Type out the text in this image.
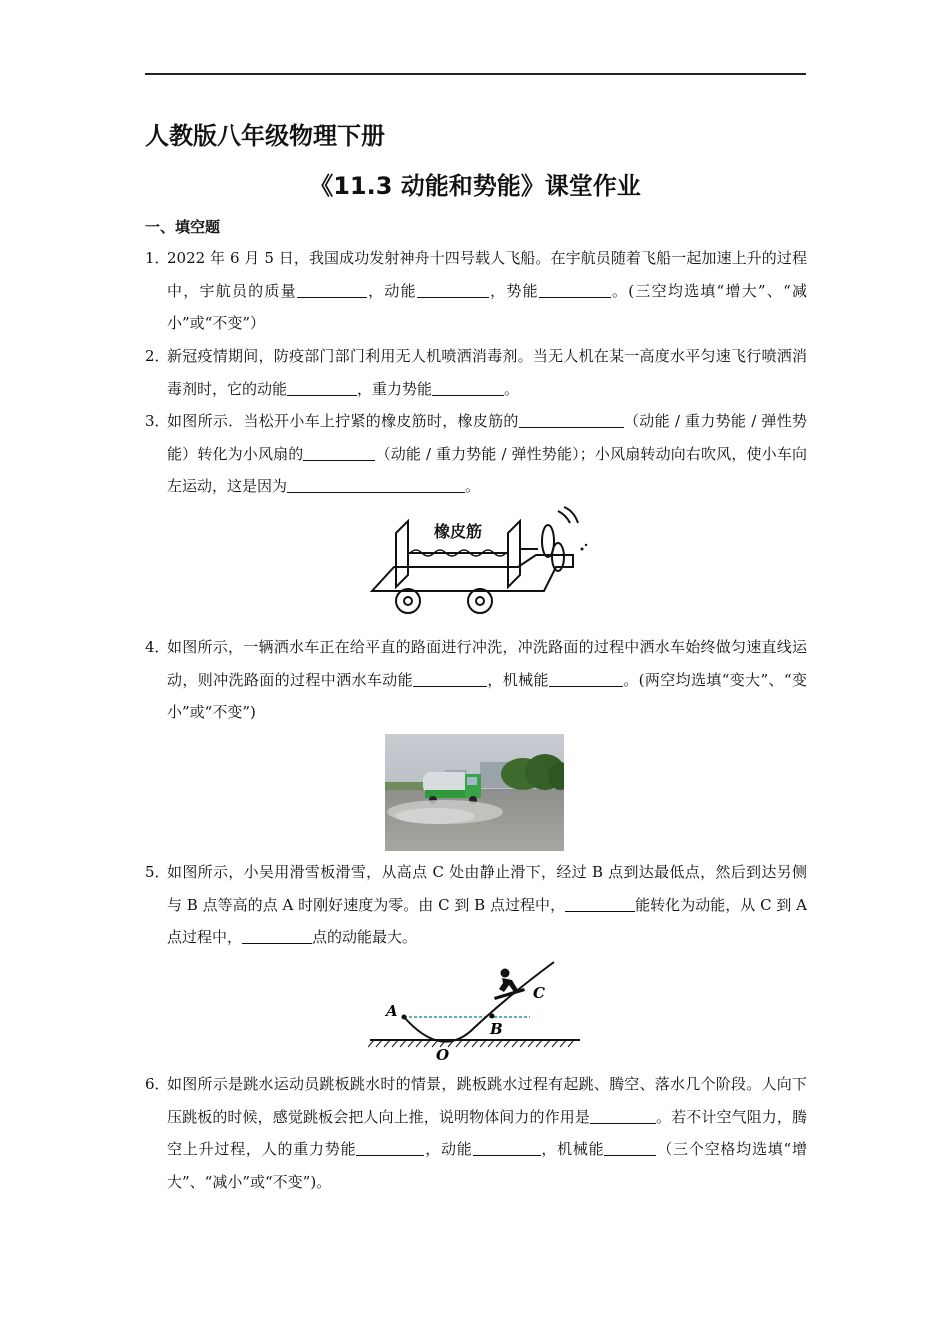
人教版八年级物理下册
《11.3 动能和势能》课堂作业
一、填空题
1．
2022 年 6 月 5 日，我国成功发射神舟十四号载人飞船。在宇航员随着飞船一起加速上升的过程中，宇航员的质量	，动能	，势能	。(三空均选填“增大”、“减小”或“不变”）
2．
新冠疫情期间，防疫部门部门利用无人机喷洒消毒剂。当无人机在某一高度水平匀速飞行喷洒消毒剂时，它的动能	，重力势能	。
3．
如图所示．当松开小车上拧紧的橡皮筋时，橡皮筋的	（动能 / 重力势能 / 弹性势能）转化为小风扇的	（动能 / 重力势能 / 弹性势能）；小风扇转动向右吹风，使小车向左运动，这是因为	。
橡皮筋
4．
如图所示，一辆洒水车正在给平直的路面进行冲洗，冲洗路面的过程中洒水车始终做匀速直线运动，则冲洗路面的过程中洒水车动能	，机械能	。(两空均选填“变大”、“变小”或“不变”)
5．
如图所示，小吴用滑雪板滑雪，从高点 C 处由静止滑下，经过 B 点到达最低点，然后到达另侧与 B 点等高的点 A 时刚好速度为零。由 C 到 B 点过程中，	能转化为动能，从 C 到 A 点过程中，	点的动能最大。
A
B
C
O
6．
如图所示是跳水运动员跳板跳水时的情景，跳板跳水过程有起跳、腾空、落水几个阶段。人向下压跳板的时候，感觉跳板会把人向上推，说明物体间力的作用是	。若不计空气阻力，腾空上升过程，人的重力势能	，动能	，机械能	（三个空格均选填“增大”、“减小”或“不变”)。
